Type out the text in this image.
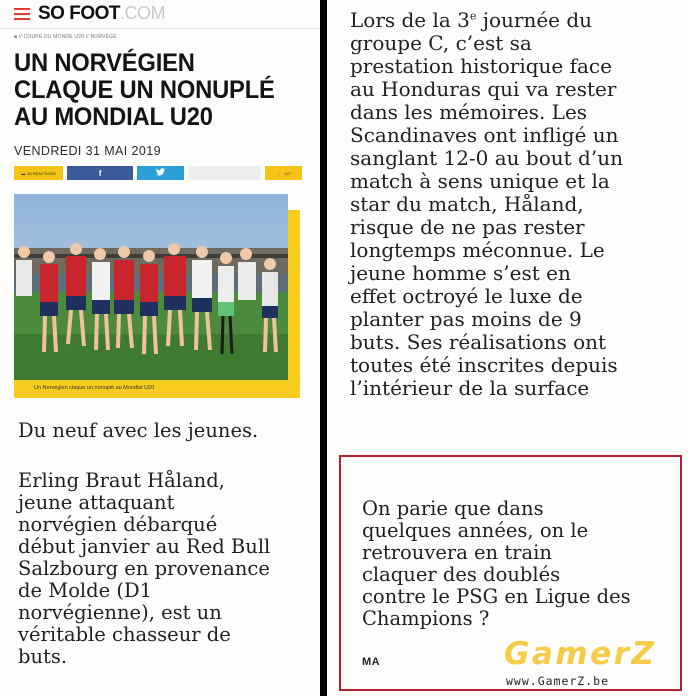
SO FOOT.COM
■ // COUPE DU MONDE U20 // NORVÈGE
UN NORVÉGIEN
CLAQUE UN NONUPLÉ
AU MONDIAL U20
VENDREDI 31 MAI 2019
▬ 46 RÉACTIONS	f	👍 127
Un Norvégien claque un nonuplé au Mondial U20
Du neuf avec les jeunes.
Erling Braut Håland,
jeune attaquant
norvégien débarqué
début janvier au Red Bull
Salzbourg en provenance
de Molde (D1
norvégienne), est un
véritable chasseur de
buts.
Lors de la 3e journée du
groupe C, c’est sa
prestation historique face
au Honduras qui va rester
dans les mémoires. Les
Scandinaves ont infligé un
sanglant 12-0 au bout d’un
match à sens unique et la
star du match, Håland,
risque de ne pas rester
longtemps méconnue. Le
jeune homme s’est en
effet octroyé le luxe de
planter pas moins de 9
buts. Ses réalisations ont
toutes été inscrites depuis
l’intérieur de la surface
On parie que dans
quelques années, on le
retrouvera en train
claquer des doublés
contre le PSG en Ligue des
Champions ?
MA	GamerZ
www.GamerZ.be
